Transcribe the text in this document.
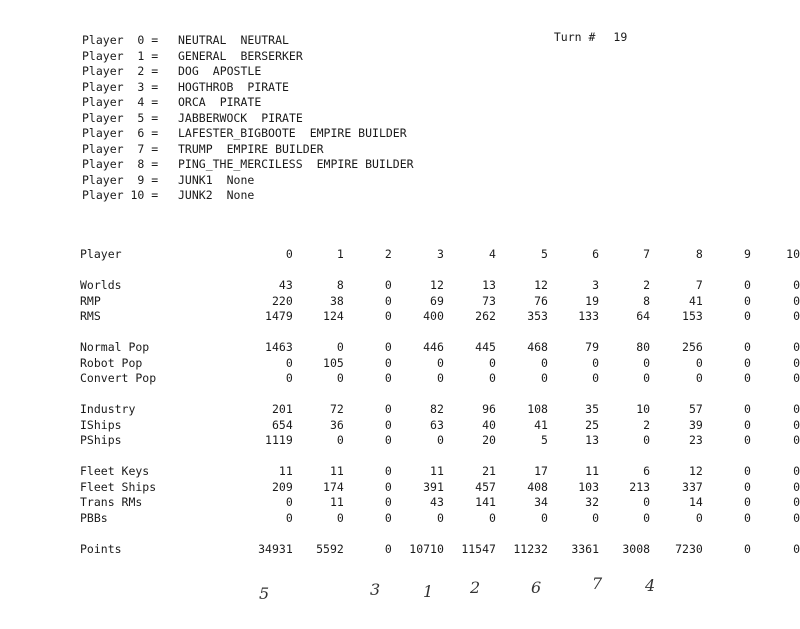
Turn # 19

Player  0 = NEUTRAL NEUTRAL
Player  1 = GENERAL BERSERKER
Player  2 = DOG APOSTLE
Player  3 = HOGTHROB PIRATE
Player  4 = ORCA PIRATE
Player  5 = JABBERWOCK PIRATE
Player  6 = LAFESTER_BIGBOOTE EMPIRE BUILDER
Player  7 = TRUMP EMPIRE BUILDER
Player  8 = PING_THE_MERCILESS EMPIRE BUILDER
Player  9 = JUNK1 None
Player 10 = JUNK2 None
Player	0	1	2	3	4	5	6	7	8	9	10

Worlds	43	8	0	12	13	12	3	2	7	0	0
RMP	220	38	0	69	73	76	19	8	41	0	0
RMS	1479	124	0	400	262	353	133	64	153	0	0

Normal Pop	1463	0	0	446	445	468	79	80	256	0	0
Robot Pop	0	105	0	0	0	0	0	0	0	0	0
Convert Pop	0	0	0	0	0	0	0	0	0	0	0

Industry	201	72	0	82	96	108	35	10	57	0	0
IShips	654	36	0	63	40	41	25	2	39	0	0
PShips	1119	0	0	0	20	5	13	0	23	0	0

Fleet Keys	11	11	0	11	21	17	11	6	12	0	0
Fleet Ships	209	174	0	391	457	408	103	213	337	0	0
Trans RMs	0	11	0	43	141	34	32	0	14	0	0
PBBs	0	0	0	0	0	0	0	0	0	0	0

Points	34931	5592	0	10710	11547	11232	3361	3008	7230	0	0
5	3	1 2	6	7	4
